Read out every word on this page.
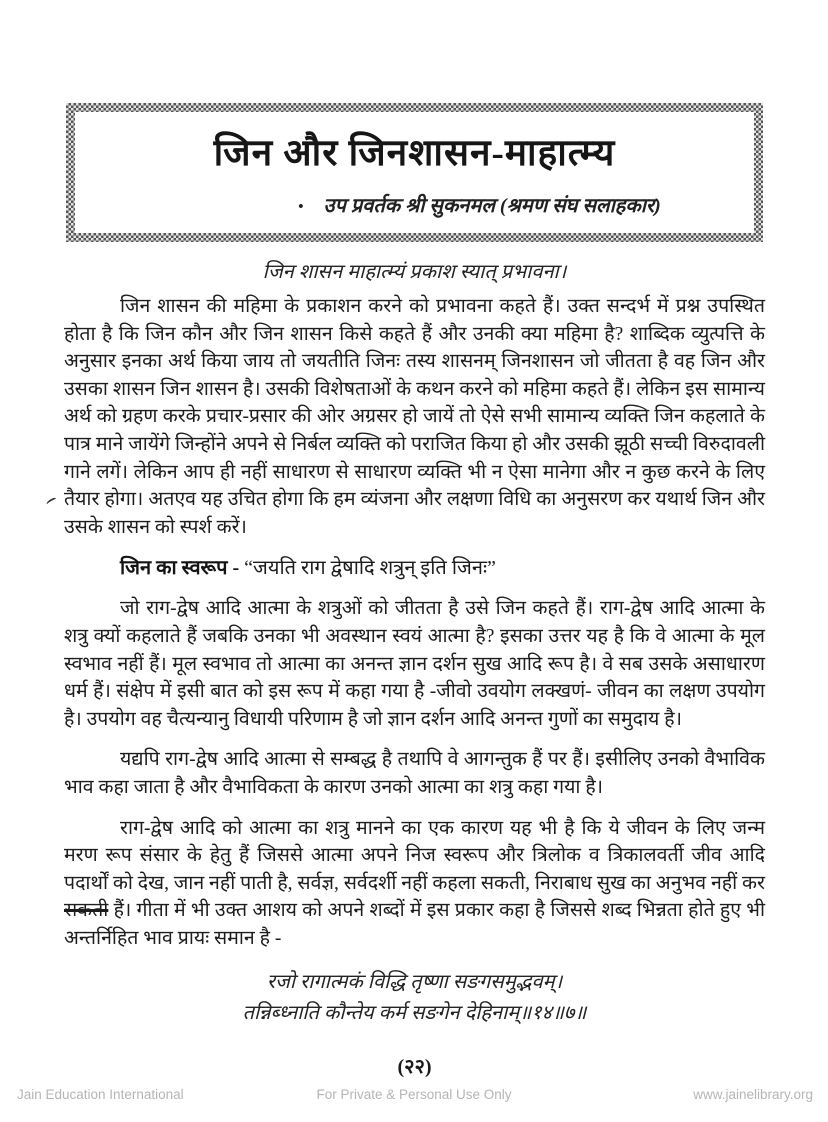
जिन और जिनशासन-माहात्म्य
• उप प्रवर्तक श्री सुकनमल (श्रमण संघ सलाहकार)

जिन शासन माहात्म्यं प्रकाश स्यात् प्रभावना।

जिन शासन की महिमा के प्रकाशन करने को प्रभावना कहते हैं। उक्त सन्दर्भ में प्रश्न उपस्थित होता है कि जिन कौन और जिन शासन किसे कहते हैं और उनकी क्या महिमा है? शाब्दिक व्युत्पत्ति के अनुसार इनका अर्थ किया जाय तो जयतीति जिनः तस्य शासनम् जिनशासन जो जीतता है वह जिन और उसका शासन जिन शासन है। उसकी विशेषताओं के कथन करने को महिमा कहते हैं। लेकिन इस सामान्य अर्थ को ग्रहण करके प्रचार-प्रसार की ओर अग्रसर हो जायें तो ऐसे सभी सामान्य व्यक्ति जिन कहलाते के पात्र माने जायेंगे जिन्होंने अपने से निर्बल व्यक्ति को पराजित किया हो और उसकी झूठी सच्ची विरुदावली गाने लगें। लेकिन आप ही नहीं साधारण से साधारण व्यक्ति भी न ऐसा मानेगा और न कुछ करने के लिए तैयार होगा। अतएव यह उचित होगा कि हम व्यंजना और लक्षणा विधि का अनुसरण कर यथार्थ जिन और उसके शासन को स्पर्श करें।

जिन का स्वरूप - “जयति राग द्वेषादि शत्रुन् इति जिनः”

जो राग-द्वेष आदि आत्मा के शत्रुओं को जीतता है उसे जिन कहते हैं। राग-द्वेष आदि आत्मा के शत्रु क्यों कहलाते हैं जबकि उनका भी अवस्थान स्वयं आत्मा है? इसका उत्तर यह है कि वे आत्मा के मूल स्वभाव नहीं हैं। मूल स्वभाव तो आत्मा का अनन्त ज्ञान दर्शन सुख आदि रूप है। वे सब उसके असाधारण धर्म हैं। संक्षेप में इसी बात को इस रूप में कहा गया है -जीवो उवयोग लक्खणं- जीवन का लक्षण उपयोग है। उपयोग वह चैत्यन्यानु विधायी परिणाम है जो ज्ञान दर्शन आदि अनन्त गुणों का समुदाय है।

यद्यपि राग-द्वेष आदि आत्मा से सम्बद्ध है तथापि वे आगन्तुक हैं पर हैं। इसीलिए उनको वैभाविक भाव कहा जाता है और वैभाविकता के कारण उनको आत्मा का शत्रु कहा गया है।

राग-द्वेष आदि को आत्मा का शत्रु मानने का एक कारण यह भी है कि ये जीवन के लिए जन्म मरण रूप संसार के हेतु हैं जिससे आत्मा अपने निज स्वरूप और त्रिलोक व त्रिकालवर्ती जीव आदि पदार्थों को देख, जान नहीं पाती है, सर्वज्ञ, सर्वदर्शी नहीं कहला सकती, निराबाध सुख का अनुभव नहीं कर सकती हैं। गीता में भी उक्त आशय को अपने शब्दों में इस प्रकार कहा है जिससे शब्द भिन्नता होते हुए भी अन्तर्निहित भाव प्रायः समान है -

रजो रागात्मकं विद्धि तृष्णा सङगसमुद्भवम्।
तन्निब्ध्नाति कौन्तेय कर्म सङगेन देहिनाम्॥१४॥७॥
(२२)
Jain Education International	For Private & Personal Use Only	www.jainelibrary.org
